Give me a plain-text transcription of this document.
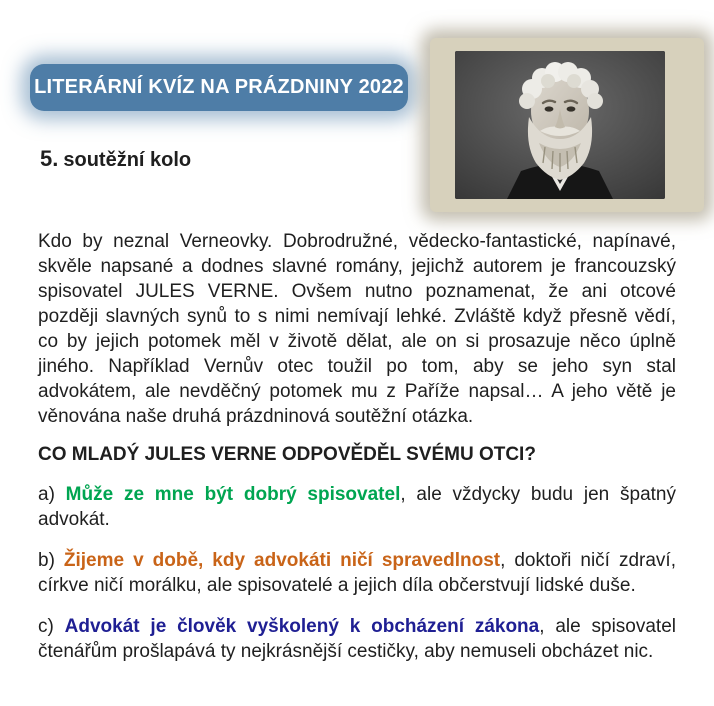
LITERÁRNÍ KVÍZ NA PRÁZDNINY 2022
5. soutěžní kolo

Kdo by neznal Verneovky. Dobrodružné, vědecko-fantastické, napínavé, skvěle napsané a dodnes slavné romány, jejichž autorem je francouzský spisovatel JULES VERNE. Ovšem nutno poznamenat, že ani otcové později slavných synů to s nimi nemívají lehké. Zvláště když přesně vědí, co by jejich potomek měl v životě dělat, ale on si prosazuje něco úplně jiného. Například Vernův otec toužil po tom, aby se jeho syn stal advokátem, ale nevděčný potomek mu z Paříže napsal… A jeho větě je věnována naše druhá prázdninová soutěžní otázka.

CO MLADÝ JULES VERNE ODPOVĚDĚL SVÉMU OTCI?

a) Může ze mne být dobrý spisovatel, ale vždycky budu jen špatný advokát.

b) Žijeme v době, kdy advokáti ničí spravedlnost, doktoři ničí zdraví, církve ničí morálku, ale spisovatelé a jejich díla občerstvují lidské duše.

c) Advokát je člověk vyškolený k obcházení zákona, ale spisovatel čtenářům prošlapává ty nejkrásnější cestičky, aby nemuseli obcházet nic.
